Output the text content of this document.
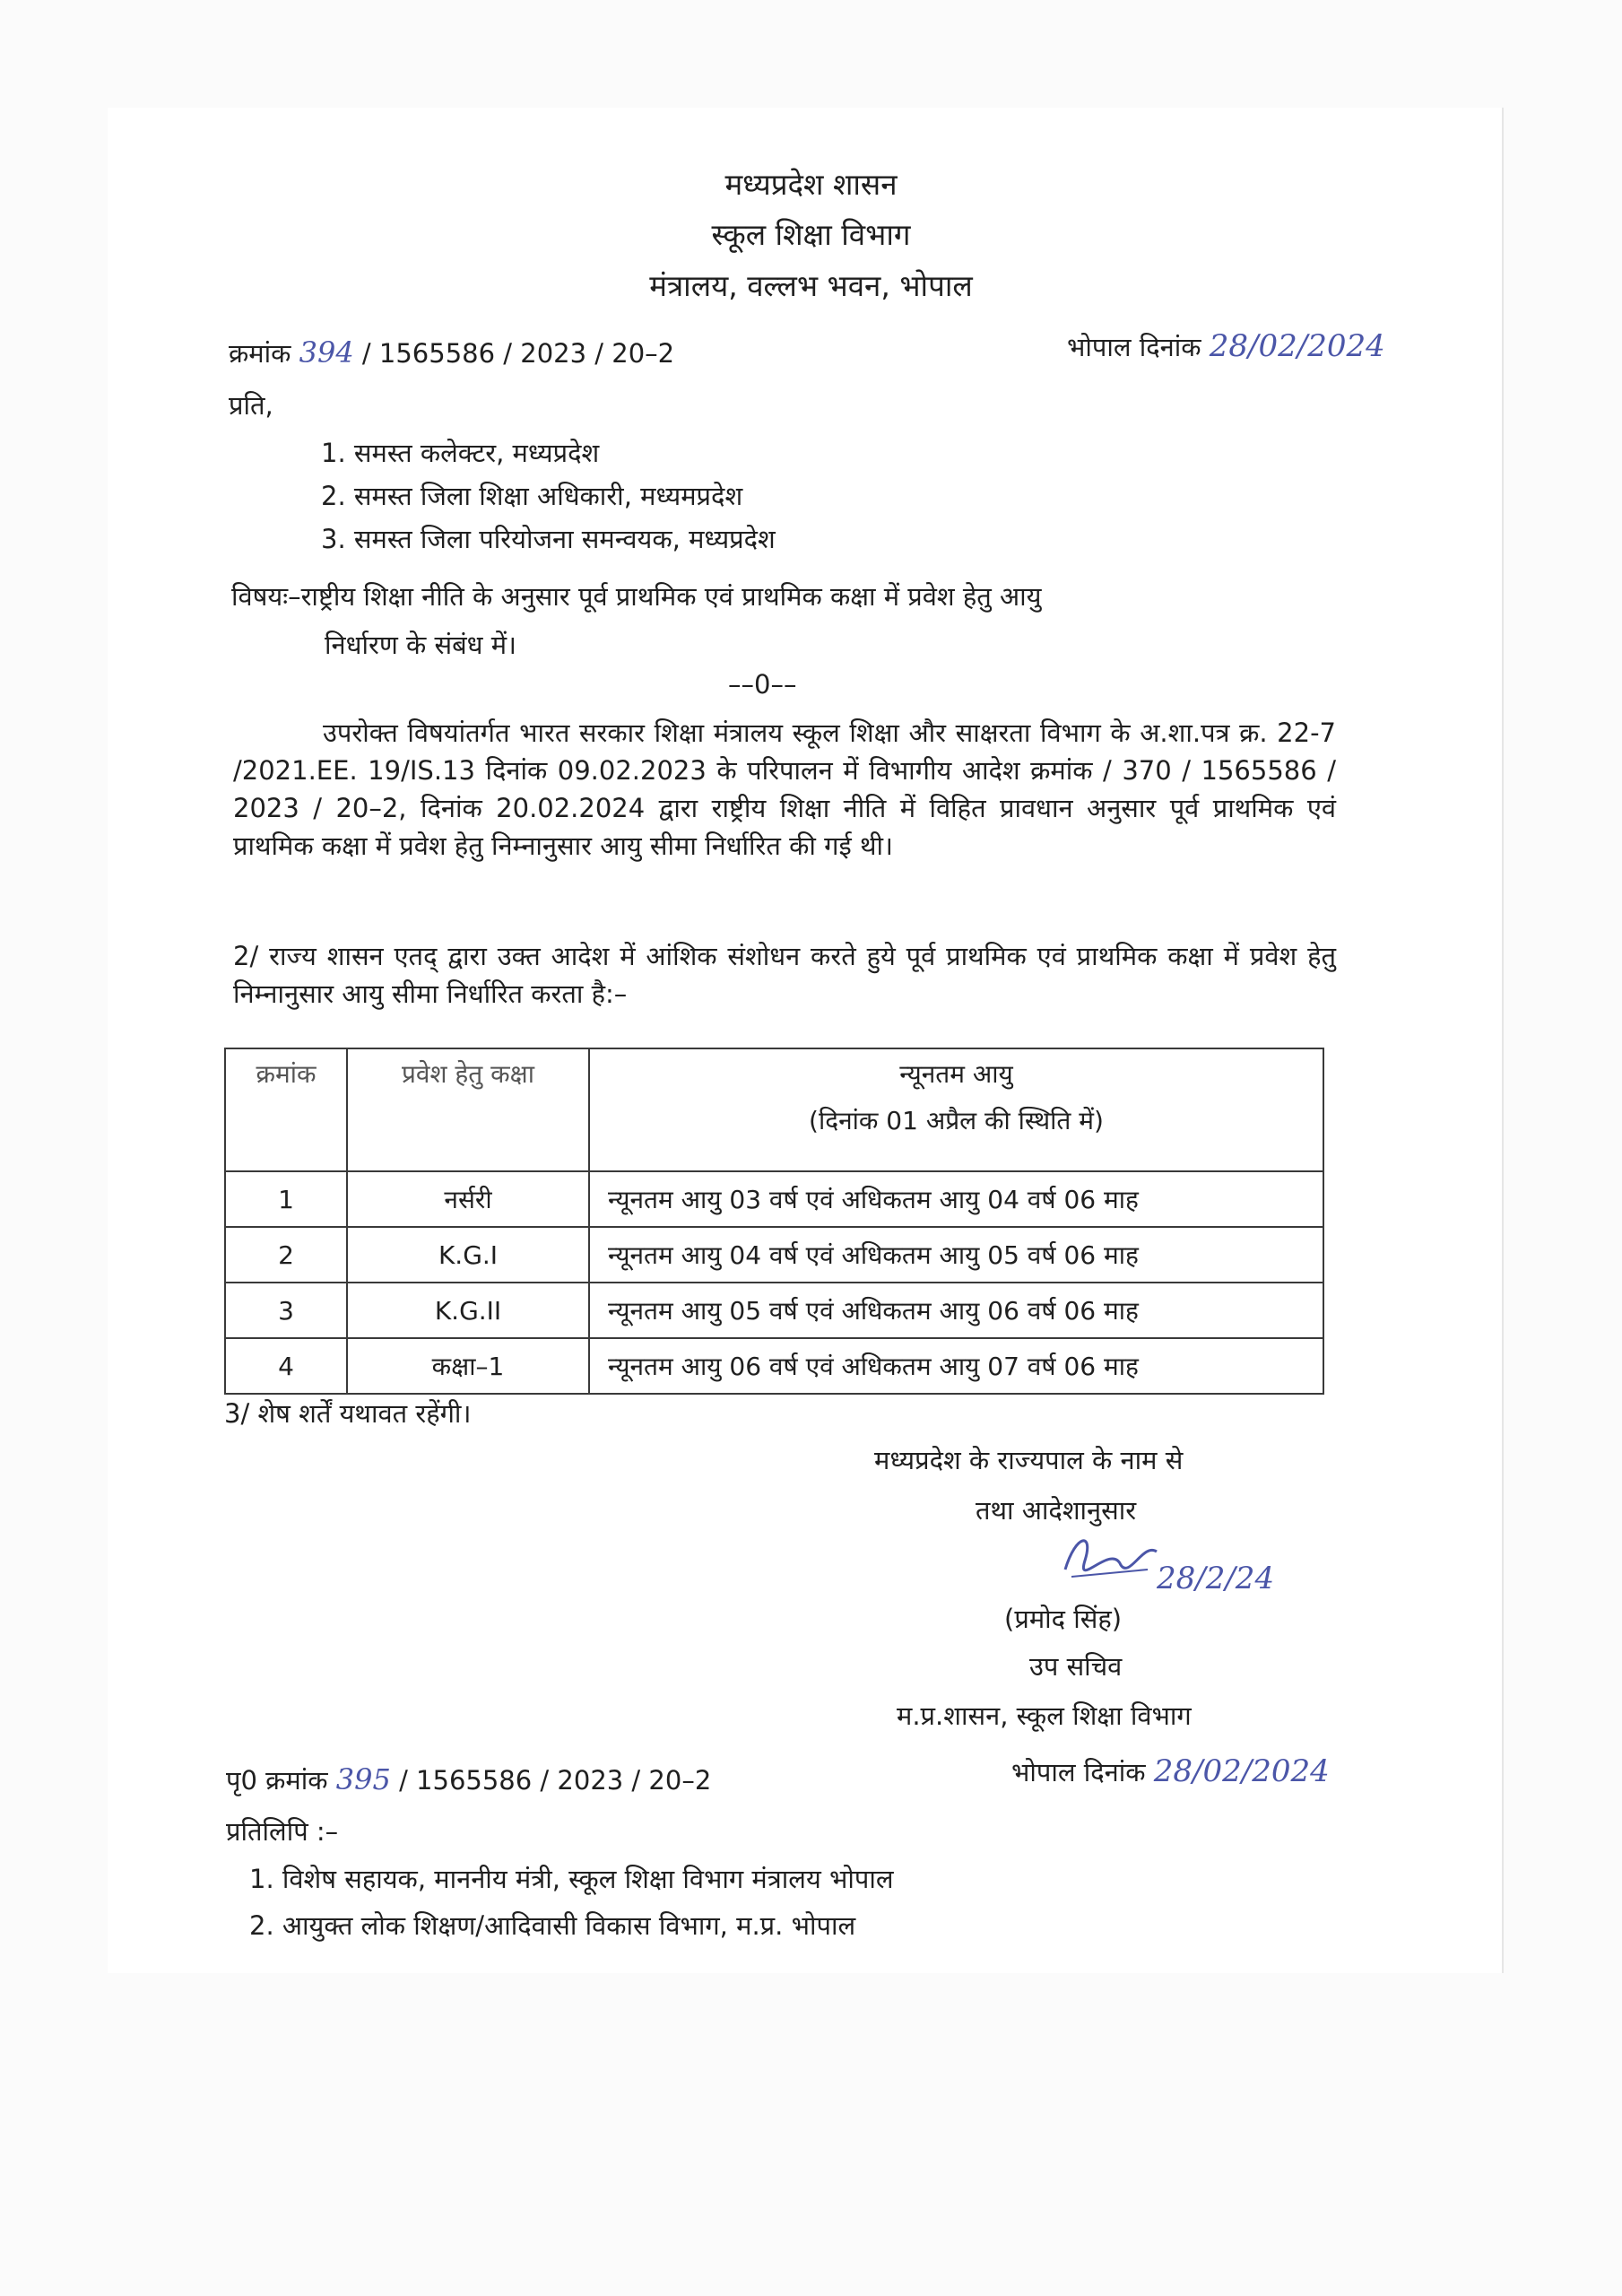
मध्यप्रदेश शासन
स्कूल शिक्षा विभाग
मंत्रालय, वल्लभ भवन, भोपाल
क्रमांक 394 / 1565586 / 2023 / 20–2	भोपाल दिनांक 28/02/2024
प्रति,
1. समस्त कलेक्टर, मध्यप्रदेश
2. समस्त जिला शिक्षा अधिकारी, मध्यमप्रदेश
3. समस्त जिला परियोजना समन्वयक, मध्यप्रदेश
विषयः–राष्ट्रीय शिक्षा नीति के अनुसार पूर्व प्राथमिक एवं प्राथमिक कक्षा में प्रवेश हेतु आयु
निर्धारण के संबंध में।
––0––
उपरोक्त विषयांतर्गत भारत सरकार शिक्षा मंत्रालय स्कूल शिक्षा और साक्षरता विभाग के अ.शा.पत्र क्र. 22-7 /2021.EE. 19/IS.13 दिनांक 09.02.2023 के परिपालन में विभागीय आदेश क्रमांक / 370 / 1565586 / 2023 / 20–2, दिनांक 20.02.2024 द्वारा राष्ट्रीय शिक्षा नीति में विहित प्रावधान अनुसार पूर्व प्राथमिक एवं प्राथमिक कक्षा में प्रवेश हेतु निम्नानुसार आयु सीमा निर्धारित की गई थी।
2/ राज्य शासन एतद् द्वारा उक्त आदेश में आंशिक संशोधन करते हुये पूर्व प्राथमिक एवं प्राथमिक कक्षा में प्रवेश हेतु निम्नानुसार आयु सीमा निर्धारित करता है:–
क्रमांक	प्रवेश हेतु कक्षा	न्यूनतम आयु
(दिनांक 01 अप्रैल की स्थिति में)

1	नर्सरी	न्यूनतम आयु 03 वर्ष एवं अधिकतम आयु 04 वर्ष 06 माह
2	K.G.I	न्यूनतम आयु 04 वर्ष एवं अधिकतम आयु 05 वर्ष 06 माह
3	K.G.II	न्यूनतम आयु 05 वर्ष एवं अधिकतम आयु 06 वर्ष 06 माह
4	कक्षा–1	न्यूनतम आयु 06 वर्ष एवं अधिकतम आयु 07 वर्ष 06 माह
3/ शेष शर्तें यथावत रहेंगी।
मध्यप्रदेश के राज्यपाल के नाम से
तथा आदेशानुसार
28/2/24
(प्रमोद सिंह)
उप सचिव
म.प्र.शासन, स्कूल शिक्षा विभाग
पृ0 क्रमांक 395 / 1565586 / 2023 / 20–2	भोपाल दिनांक 28/02/2024
प्रतिलिपि :–
1. विशेष सहायक, माननीय मंत्री, स्कूल शिक्षा विभाग मंत्रालय भोपाल
2. आयुक्त लोक शिक्षण/आदिवासी विकास विभाग, म.प्र. भोपाल
